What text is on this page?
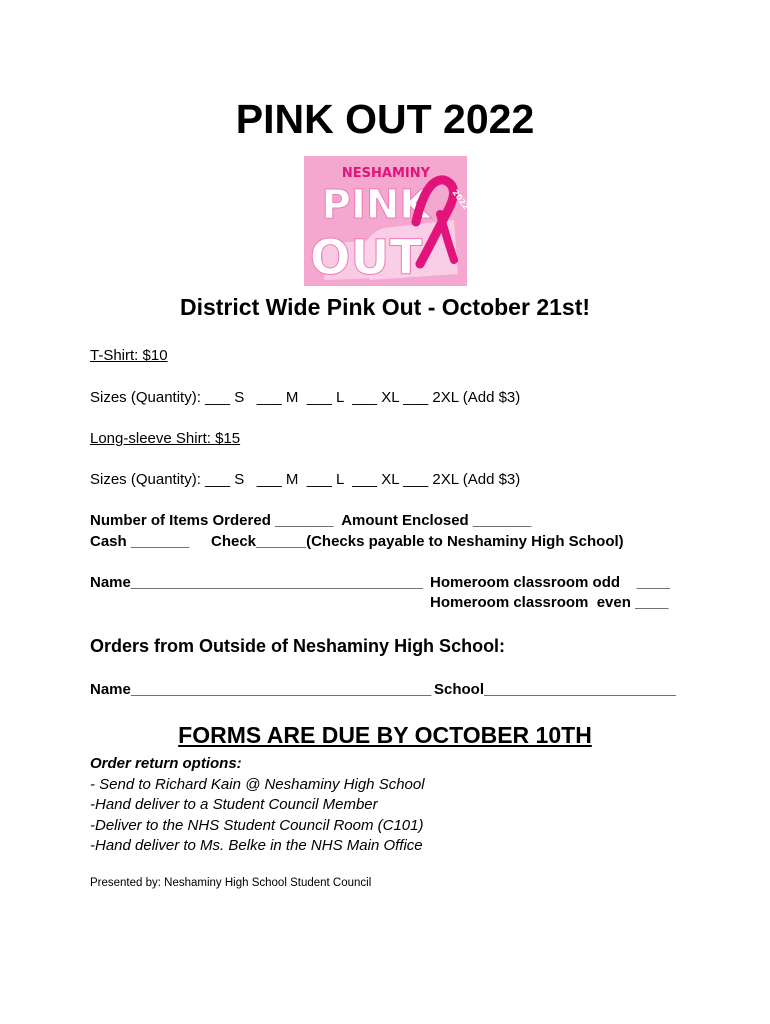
PINK OUT 2022
NESHAMINY
PINK
OUT
2022
District Wide Pink Out - October 21st!
T-Shirt: $10
Sizes (Quantity): ___ S   ___ M  ___ L  ___ XL ___ 2XL (Add $3)
Long-sleeve Shirt: $15
Sizes (Quantity): ___ S   ___ M  ___ L  ___ XL ___ 2XL (Add $3)
Number of Items Ordered _______  Amount Enclosed _______
Cash _______ Check______(Checks payable to Neshaminy High School)
Name___________________________________ Homeroom classroom odd    ____
Homeroom classroom  even ____
Orders from Outside of Neshaminy High School:
Name____________________________________ School_______________________
FORMS ARE DUE BY OCTOBER 10TH
Order return options:
- Send to Richard Kain @ Neshaminy High School
-Hand deliver to a Student Council Member
-Deliver to the NHS Student Council Room (C101)
-Hand deliver to Ms. Belke in the NHS Main Office
Presented by: Neshaminy High School Student Council
